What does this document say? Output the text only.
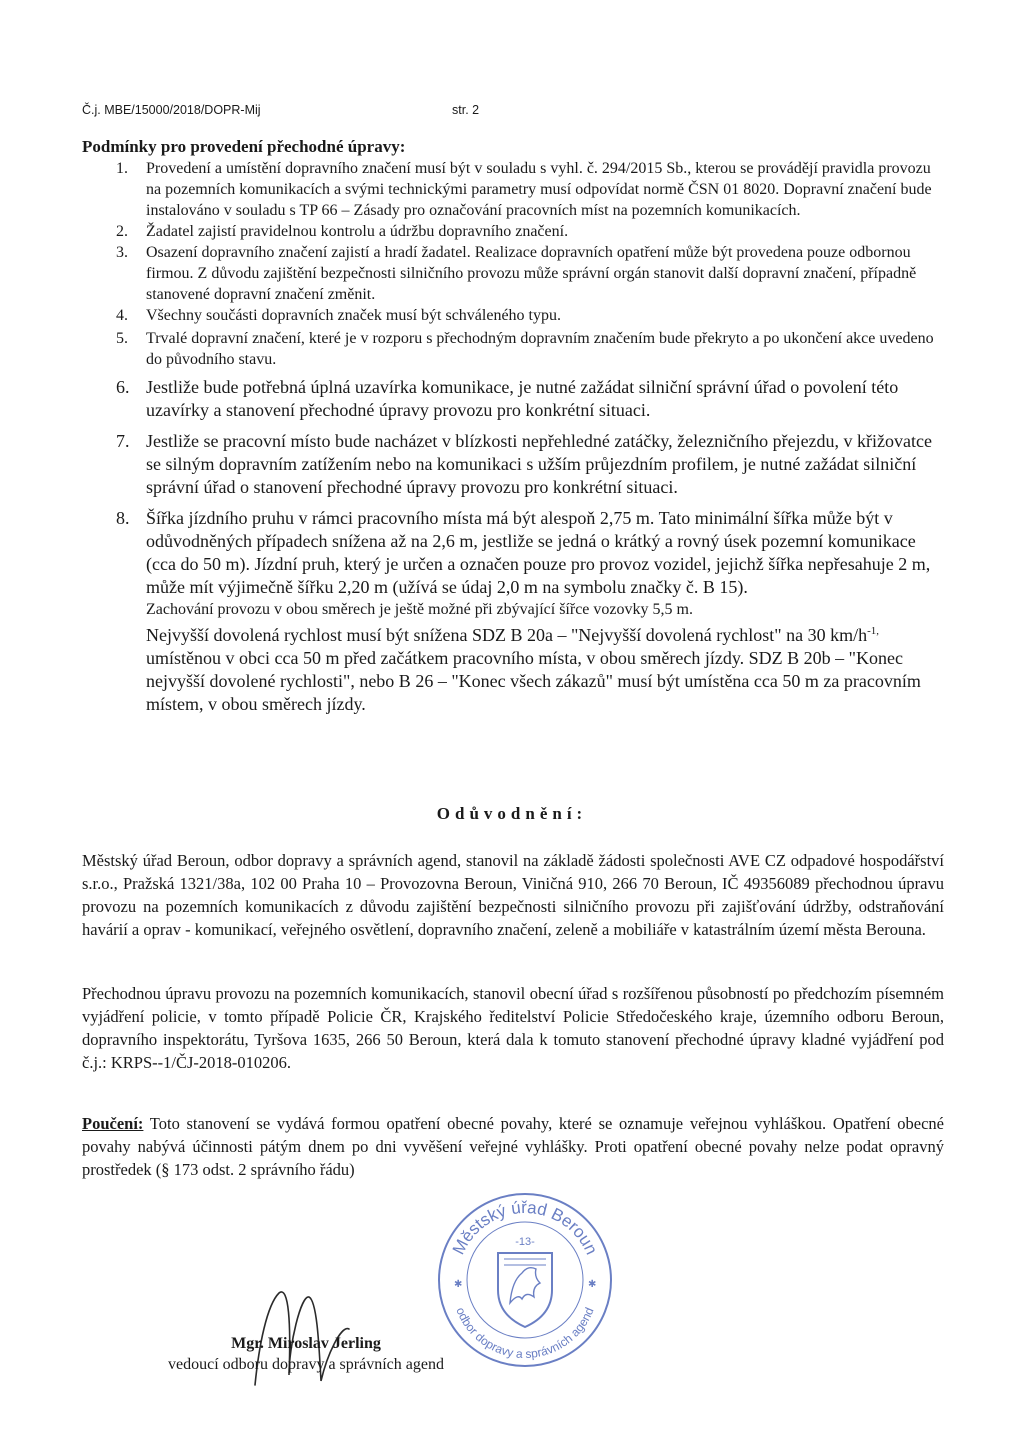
Č.j. MBE/15000/2018/DOPR-Mij	str. 2
Podmínky pro provedení přechodné úpravy:
1. Provedení a umístění dopravního značení musí být v souladu s vyhl. č. 294/2015 Sb., kterou se provádějí pravidla provozu na pozemních komunikacích a svými technickými parametry musí odpovídat normě ČSN 01 8020. Dopravní značení bude instalováno v souladu s TP 66 – Zásady pro označování pracovních míst na pozemních komunikacích.
2. Žadatel zajistí pravidelnou kontrolu a údržbu dopravního značení.
3. Osazení dopravního značení zajistí a hradí žadatel. Realizace dopravních opatření může být provedena pouze odbornou firmou. Z důvodu zajištění bezpečnosti silničního provozu může správní orgán stanovit další dopravní značení, případně stanovené dopravní značení změnit.
4. Všechny součásti dopravních značek musí být schváleného typu.
5. Trvalé dopravní značení, které je v rozporu s přechodným dopravním značením bude překryto a po ukončení akce uvedeno do původního stavu.
6. Jestliže bude potřebná úplná uzavírka komunikace, je nutné zažádat silniční správní úřad o povolení této uzavírky a stanovení přechodné úpravy provozu pro konkrétní situaci.
7. Jestliže se pracovní místo bude nacházet v blízkosti nepřehledné zatáčky, železničního přejezdu, v křižovatce se silným dopravním zatížením nebo na komunikaci s užším průjezdním profilem, je nutné zažádat silniční správní úřad o stanovení přechodné úpravy provozu pro konkrétní situaci.
8. Šířka jízdního pruhu v rámci pracovního místa má být alespoň 2,75 m. Tato minimální šířka může být v odůvodněných případech snížena až na 2,6 m, jestliže se jedná o krátký a rovný úsek pozemní komunikace (cca do 50 m). Jízdní pruh, který je určen a označen pouze pro provoz vozidel, jejichž šířka nepřesahuje 2 m, může mít výjimečně šířku 2,20 m (užívá se údaj 2,0 m na symbolu značky č. B 15).
Zachování provozu v obou směrech je ještě možné při zbývající šířce vozovky 5,5 m.
Nejvyšší dovolená rychlost musí být snížena SDZ B 20a – "Nejvyšší dovolená rychlost" na 30 $km/h^{-1,}$ umístěnou v obci cca 50 m před začátkem pracovního místa, v obou směrech jízdy. SDZ B 20b – "Konec nejvyšší dovolené rychlosti", nebo B 26 – "Konec všech zákazů" musí být umístěna cca 50 m za pracovním místem, v obou směrech jízdy.
Odůvodnění:

Městský úřad Beroun, odbor dopravy a správních agend, stanovil na základě žádosti společnosti AVE CZ odpadové hospodářství s.r.o., Pražská 1321/38a, 102 00 Praha 10 – Provozovna Beroun, Viničná 910, 266 70 Beroun, IČ 49356089 přechodnou úpravu provozu na pozemních komunikacích z důvodu zajištění bezpečnosti silničního provozu při zajišťování údržby, odstraňování havárií a oprav - komunikací, veřejného osvětlení, dopravního značení, zeleně a mobiliáře v katastrálním území města Berouna.

Přechodnou úpravu provozu na pozemních komunikacích, stanovil obecní úřad s rozšířenou působností po předchozím písemném vyjádření policie, v tomto případě Policie ČR, Krajského ředitelství Policie Středočeského kraje, územního odboru Beroun, dopravního inspektorátu, Tyršova 1635, 266 50 Beroun, která dala k tomuto stanovení přechodné úpravy kladné vyjádření pod č.j.: KRPS--1/ČJ-2018-010206.

Poučení: Toto stanovení se vydává formou opatření obecné povahy, které se oznamuje veřejnou vyhláškou. Opatření obecné povahy nabývá účinnosti pátým dnem po dni vyvěšení veřejné vyhlášky. Proti opatření obecné povahy nelze podat opravný prostředek (§ 173 odst. 2 správního řádu)

Městský úřad Beroun
odbor dopravy a správních agend
-13-
✱	✱
Mgr. Miroslav Jerling
vedoucí odboru dopravy a správních agend
